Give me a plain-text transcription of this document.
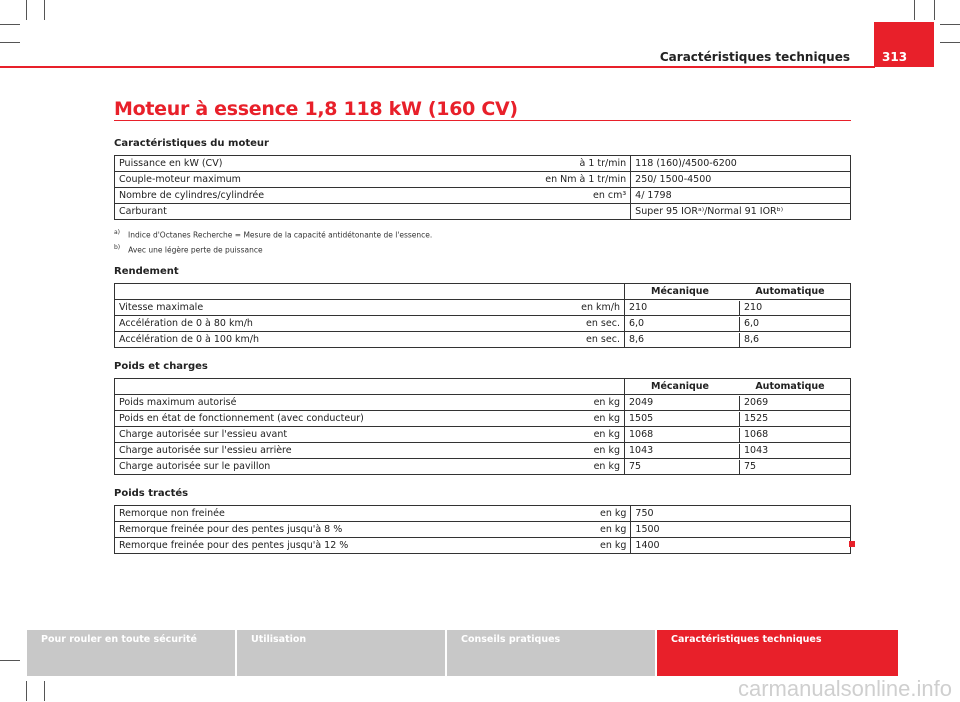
Caractéristiques techniques	313
Moteur à essence 1,8 118 kW (160 CV)
Caractéristiques du moteur
Puissance en kW (CV)	à 1 tr/min	118 (160)/4500-6200
Couple-moteur maximum	en Nm à 1 tr/min	250/ 1500-4500
Nombre de cylindres/cylindrée	en cm³	4/ 1798
Carburant		Super 95 IORᵃ⁾/Normal 91 IORᵇ⁾
$^{a)}$ Indice d'Octanes Recherche = Mesure de la capacité antidétonante de l'essence.
$^{b)}$ Avec une légère perte de puissance
Rendement

		Mécanique Automatique

Vitesse maximale	en km/h	210 210

Accélération de 0 à 80 km/h	en sec.	6,0 6,0

Accélération de 0 à 100 km/h	en sec.	8,6 8,6
Poids et charges

		Mécanique Automatique

Poids maximum autorisé	en kg	2049 2069

Poids en état de fonctionnement (avec conducteur)	en kg	1505 1525

Charge autorisée sur l'essieu avant	en kg	1068 1068

Charge autorisée sur l'essieu arrière	en kg	1043 1043

Charge autorisée sur le pavillon	en kg	75 75
Poids tractés
Remorque non freinée	en kg	750
Remorque freinée pour des pentes jusqu'à 8 %	en kg	1500
Remorque freinée pour des pentes jusqu'à 12 %	en kg	1400
Pour rouler en toute sécurité	Utilisation	Conseils pratiques	Caractéristiques techniques
carmanualsonline.info
